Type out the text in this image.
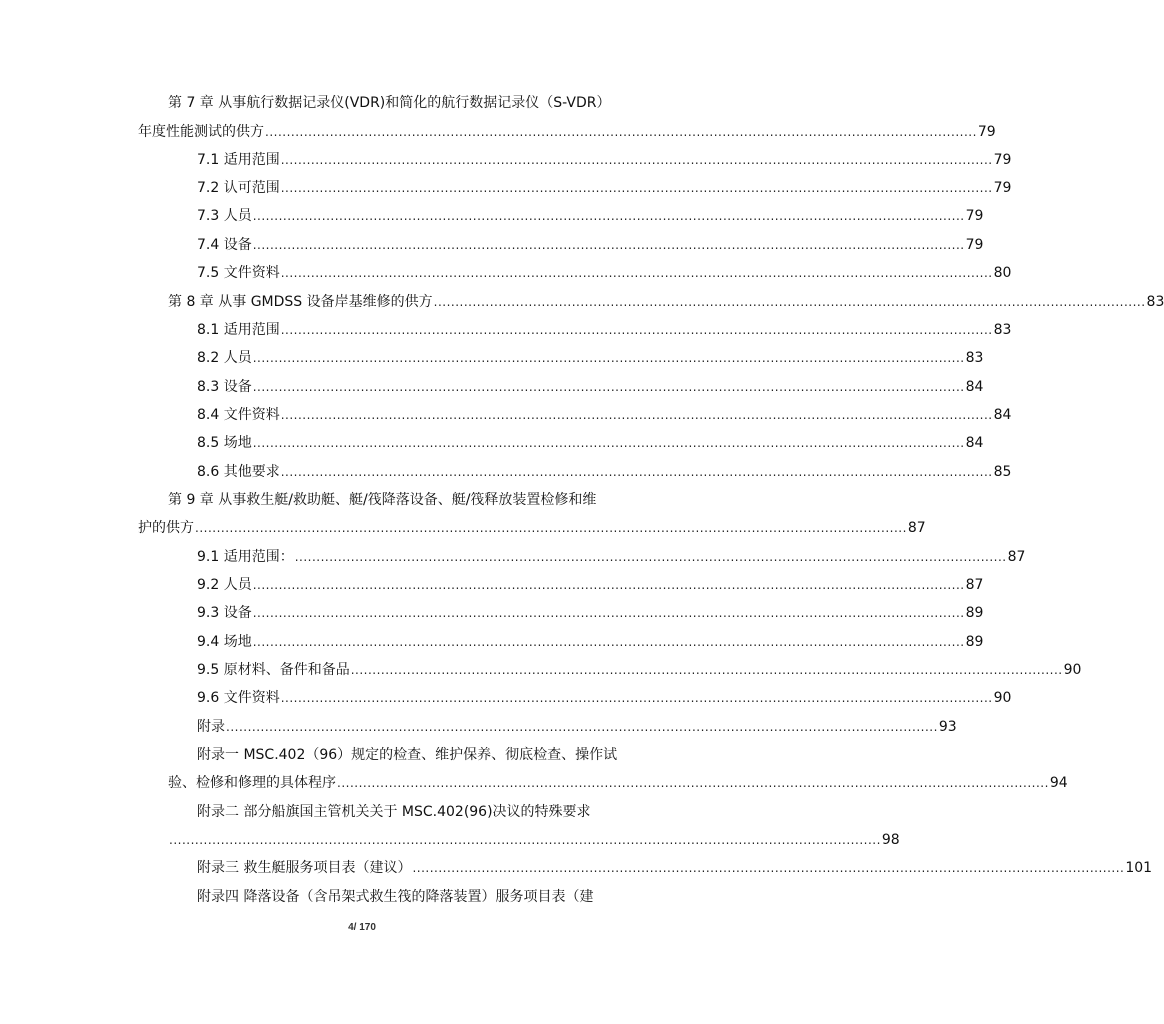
第 7 章 从事航行数据记录仪(VDR)和简化的航行数据记录仪（S-VDR）
年度性能测试的供方 ..................................................................................................................................................................... 79
7.1 适用范围 ..................................................................................................................................................................... 79
7.2 认可范围 ..................................................................................................................................................................... 79
7.3 人员 ..................................................................................................................................................................... 79
7.4 设备 ..................................................................................................................................................................... 79
7.5 文件资料 ..................................................................................................................................................................... 80
第 8 章 从事 GMDSS 设备岸基维修的供方 ..................................................................................................................................................................... 83
8.1 适用范围 ..................................................................................................................................................................... 83
8.2 人员 ..................................................................................................................................................................... 83
8.3 设备 ..................................................................................................................................................................... 84
8.4 文件资料 ..................................................................................................................................................................... 84
8.5 场地 ..................................................................................................................................................................... 84
8.6 其他要求 ..................................................................................................................................................................... 85
第 9 章 从事救生艇/救助艇、艇/筏降落设备、艇/筏释放装置检修和维
护的供方 ..................................................................................................................................................................... 87
9.1 适用范围： ..................................................................................................................................................................... 87
9.2 人员 ..................................................................................................................................................................... 87
9.3 设备 ..................................................................................................................................................................... 89
9.4 场地 ..................................................................................................................................................................... 89
9.5 原材料、备件和备品 ..................................................................................................................................................................... 90
9.6 文件资料 ..................................................................................................................................................................... 90
附录 ..................................................................................................................................................................... 93
附录一 MSC.402（96）规定的检查、维护保养、彻底检查、操作试
验、检修和修理的具体程序 ..................................................................................................................................................................... 94
附录二 部分船旗国主管机关关于 MSC.402(96)决议的特殊要求
..................................................................................................................................................................... 98
附录三 救生艇服务项目表（建议） ..................................................................................................................................................................... 101
附录四 降落设备（含吊架式救生筏的降落装置）服务项目表（建
4/ 170
